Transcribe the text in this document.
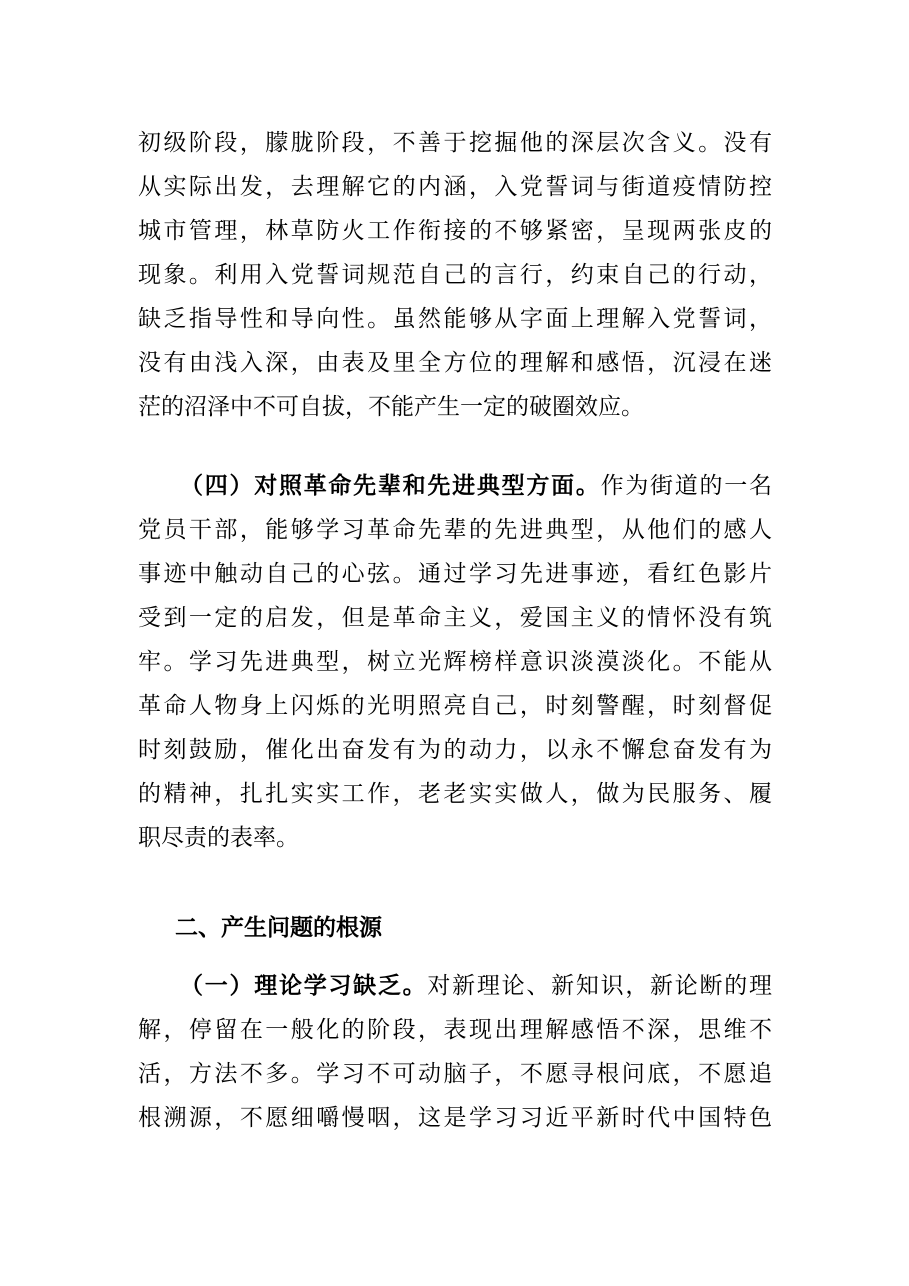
初级阶段，朦胧阶段，不善于挖掘他的深层次含义。没有
从实际出发，去理解它的内涵，入党誓词与街道疫情防控
城市管理，林草防火工作衔接的不够紧密，呈现两张皮的
现象。利用入党誓词规范自己的言行，约束自己的行动，
缺乏指导性和导向性。虽然能够从字面上理解入党誓词，
没有由浅入深，由表及里全方位的理解和感悟，沉浸在迷
茫的沼泽中不可自拔，不能产生一定的破圈效应。
（四）对照革命先辈和先进典型方面。作为街道的一名
党员干部，能够学习革命先辈的先进典型，从他们的感人
事迹中触动自己的心弦。通过学习先进事迹，看红色影片
受到一定的启发，但是革命主义，爱国主义的情怀没有筑
牢。学习先进典型，树立光辉榜样意识淡漠淡化。不能从
革命人物身上闪烁的光明照亮自己，时刻警醒，时刻督促
时刻鼓励，催化出奋发有为的动力，以永不懈怠奋发有为
的精神，扎扎实实工作，老老实实做人，做为民服务、履
职尽责的表率。
二、产生问题的根源
（一）理论学习缺乏。对新理论、新知识，新论断的理
解，停留在一般化的阶段，表现出理解感悟不深，思维不
活，方法不多。学习不可动脑子，不愿寻根问底，不愿追
根溯源，不愿细嚼慢咽，这是学习习近平新时代中国特色
